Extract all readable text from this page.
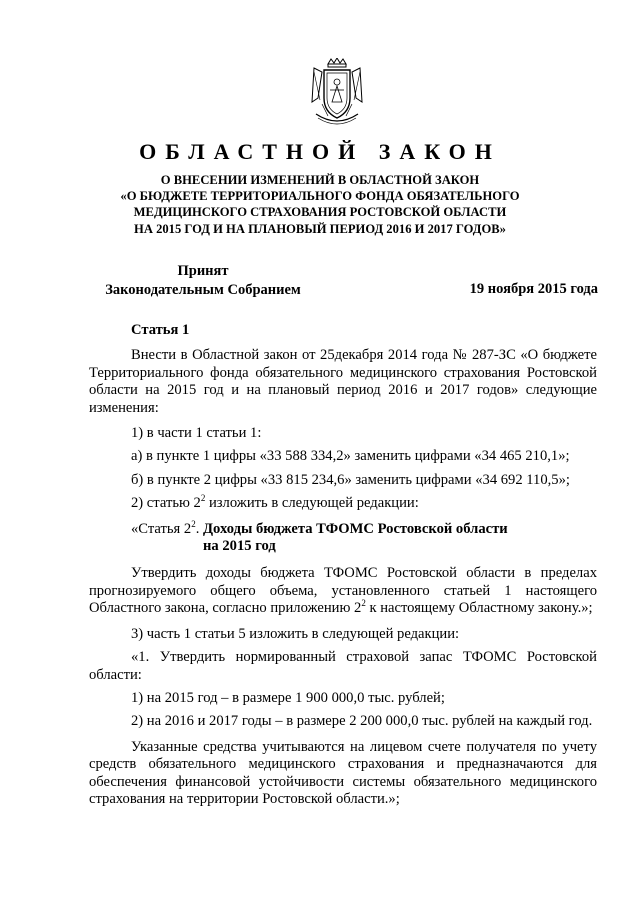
ОБЛАСТНОЙ ЗАКОН
О ВНЕСЕНИИ ИЗМЕНЕНИЙ В ОБЛАСТНОЙ ЗАКОН
«О БЮДЖЕТЕ ТЕРРИТОРИАЛЬНОГО ФОНДА ОБЯЗАТЕЛЬНОГО
МЕДИЦИНСКОГО СТРАХОВАНИЯ РОСТОВСКОЙ ОБЛАСТИ
НА 2015 ГОД И НА ПЛАНОВЫЙ ПЕРИОД 2016 И 2017 ГОДОВ»
Принят
Законодательным Собранием	19 ноября 2015 года
Статья 1

Внести в Областной закон от 25декабря 2014 года № 287-ЗС «О бюджете Территориального фонда обязательного медицинского страхования Ростовской области на 2015 год и на плановый период 2016 и 2017 годов» следующие изменения:

1) в части 1 статьи 1:

а) в пункте 1 цифры «33 588 334,2» заменить цифрами «34 465 210,1»;

б) в пункте 2 цифры «33 815 234,6» заменить цифрами «34 692 110,5»;

2) статью $2^2$ изложить в следующей редакции:

«Статья $2^2$. Доходы бюджета ТФОМС Ростовской области
на 2015 год

Утвердить доходы бюджета ТФОМС Ростовской области в пределах прогнозируемого общего объема, установленного статьей 1 настоящего Областного закона, согласно приложению $2^2$ к настоящему Областному закону.»;

3) часть 1 статьи 5 изложить в следующей редакции:

«1. Утвердить нормированный страховой запас ТФОМС Ростовской области:

1) на 2015 год – в размере 1 900 000,0 тыс. рублей;

2) на 2016 и 2017 годы – в размере 2 200 000,0 тыс. рублей на каждый год.

Указанные средства учитываются на лицевом счете получателя по учету средств обязательного медицинского страхования и предназначаются для обеспечения финансовой устойчивости системы обязательного медицинского страхования на территории Ростовской области.»;
